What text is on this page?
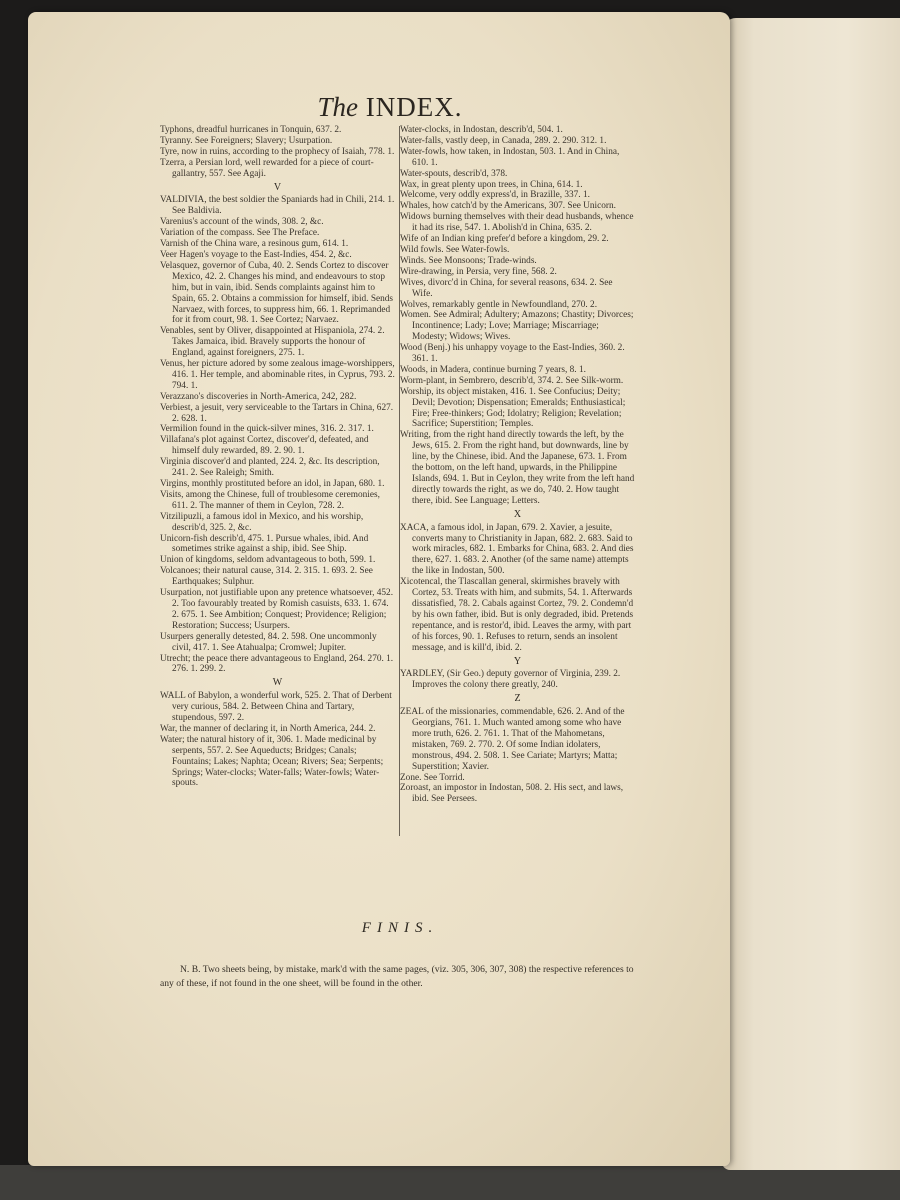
The INDEX.

Typhons, dreadful hurricanes in Tonquin, 637. 2.

Tyranny. See Foreigners; Slavery; Usurpation.

Tyre, now in ruins, according to the prophecy of Isaiah, 778. 1.

Tzerra, a Persian lord, well rewarded for a piece of court-gallantry, 557. See Agaji.

V

VALDIVIA, the best soldier the Spaniards had in Chili, 214. 1. See Baldivia.

Varenius's account of the winds, 308. 2, &c.

Variation of the compass. See The Preface.

Varnish of the China ware, a resinous gum, 614. 1.

Veer Hagen's voyage to the East-Indies, 454. 2, &c.

Velasquez, governor of Cuba, 40. 2. Sends Cortez to discover Mexico, 42. 2. Changes his mind, and endeavours to stop him, but in vain, ibid. Sends complaints against him to Spain, 65. 2. Obtains a commission for himself, ibid. Sends Narvaez, with forces, to suppress him, 66. 1. Reprimanded for it from court, 98. 1. See Cortez; Narvaez.

Venables, sent by Oliver, disappointed at Hispaniola, 274. 2. Takes Jamaica, ibid. Bravely supports the honour of England, against foreigners, 275. 1.

Venus, her picture adored by some zealous image-worshippers, 416. 1. Her temple, and abominable rites, in Cyprus, 793. 2. 794. 1.

Verazzano's discoveries in North-America, 242, 282.

Verbiest, a jesuit, very serviceable to the Tartars in China, 627. 2. 628. 1.

Vermilion found in the quick-silver mines, 316. 2. 317. 1.

Villafana's plot against Cortez, discover'd, defeated, and himself duly rewarded, 89. 2. 90. 1.

Virginia discover'd and planted, 224. 2, &c. Its description, 241. 2. See Raleigh; Smith.

Virgins, monthly prostituted before an idol, in Japan, 680. 1.

Visits, among the Chinese, full of troublesome ceremonies, 611. 2. The manner of them in Ceylon, 728. 2.

Vitzilipuzli, a famous idol in Mexico, and his worship, describ'd, 325. 2, &c.

Unicorn-fish describ'd, 475. 1. Pursue whales, ibid. And sometimes strike against a ship, ibid. See Ship.

Union of kingdoms, seldom advantageous to both, 599. 1.

Volcanoes; their natural cause, 314. 2. 315. 1. 693. 2. See Earthquakes; Sulphur.

Usurpation, not justifiable upon any pretence whatsoever, 452. 2. Too favourably treated by Romish casuists, 633. 1. 674. 2. 675. 1. See Ambition; Conquest; Providence; Religion; Restoration; Success; Usurpers.

Usurpers generally detested, 84. 2. 598. One uncommonly civil, 417. 1. See Atahualpa; Cromwel; Jupiter.

Utrecht; the peace there advantageous to England, 264. 270. 1. 276. 1. 299. 2.

W

WALL of Babylon, a wonderful work, 525. 2. That of Derbent very curious, 584. 2. Between China and Tartary, stupendous, 597. 2.

War, the manner of declaring it, in North America, 244. 2.

Water; the natural history of it, 306. 1. Made medicinal by serpents, 557. 2. See Aqueducts; Bridges; Canals; Fountains; Lakes; Naphta; Ocean; Rivers; Sea; Serpents; Springs; Water-clocks; Water-falls; Water-fowls; Water-spouts.

Water-clocks, in Indostan, describ'd, 504. 1.

Water-falls, vastly deep, in Canada, 289. 2. 290. 312. 1.

Water-fowls, how taken, in Indostan, 503. 1. And in China, 610. 1.

Water-spouts, describ'd, 378.

Wax, in great plenty upon trees, in China, 614. 1.

Welcome, very oddly express'd, in Brazille, 337. 1.

Whales, how catch'd by the Americans, 307. See Unicorn.

Widows burning themselves with their dead husbands, whence it had its rise, 547. 1. Abolish'd in China, 635. 2.

Wife of an Indian king prefer'd before a kingdom, 29. 2.

Wild fowls. See Water-fowls.

Winds. See Monsoons; Trade-winds.

Wire-drawing, in Persia, very fine, 568. 2.

Wives, divorc'd in China, for several reasons, 634. 2. See Wife.

Wolves, remarkably gentle in Newfoundland, 270. 2.

Women. See Admiral; Adultery; Amazons; Chastity; Divorces; Incontinence; Lady; Love; Marriage; Miscarriage; Modesty; Widows; Wives.

Wood (Benj.) his unhappy voyage to the East-Indies, 360. 2. 361. 1.

Woods, in Madera, continue burning 7 years, 8. 1.

Worm-plant, in Sembrero, describ'd, 374. 2. See Silk-worm.

Worship, its object mistaken, 416. 1. See Confucius; Deity; Devil; Devotion; Dispensation; Emeralds; Enthusiastical; Fire; Free-thinkers; God; Idolatry; Religion; Revelation; Sacrifice; Superstition; Temples.

Writing, from the right hand directly towards the left, by the Jews, 615. 2. From the right hand, but downwards, line by line, by the Chinese, ibid. And the Japanese, 673. 1. From the bottom, on the left hand, upwards, in the Philippine Islands, 694. 1. But in Ceylon, they write from the left hand directly towards the right, as we do, 740. 2. How taught there, ibid. See Language; Letters.

X

XACA, a famous idol, in Japan, 679. 2. Xavier, a jesuite, converts many to Christianity in Japan, 682. 2. 683. Said to work miracles, 682. 1. Embarks for China, 683. 2. And dies there, 627. 1. 683. 2. Another (of the same name) attempts the like in Indostan, 500.

Xicotencal, the Tlascallan general, skirmishes bravely with Cortez, 53. Treats with him, and submits, 54. 1. Afterwards dissatisfied, 78. 2. Cabals against Cortez, 79. 2. Condemn'd by his own father, ibid. But is only degraded, ibid. Pretends repentance, and is restor'd, ibid. Leaves the army, with part of his forces, 90. 1. Refuses to return, sends an insolent message, and is kill'd, ibid. 2.

Y

YARDLEY, (Sir Geo.) deputy governor of Virginia, 239. 2. Improves the colony there greatly, 240.

Z

ZEAL of the missionaries, commendable, 626. 2. And of the Georgians, 761. 1. Much wanted among some who have more truth, 626. 2. 761. 1. That of the Mahometans, mistaken, 769. 2. 770. 2. Of some Indian idolaters, monstrous, 494. 2. 508. 1. See Cariate; Martyrs; Matta; Superstition; Xavier.

Zone. See Torrid.

Zoroast, an impostor in Indostan, 508. 2. His sect, and laws, ibid. See Persees.

FINIS.
N. B. Two sheets being, by mistake, mark'd with the same pages, (viz. 305, 306, 307, 308) the respective references to any of these, if not found in the one sheet, will be found in the other.
